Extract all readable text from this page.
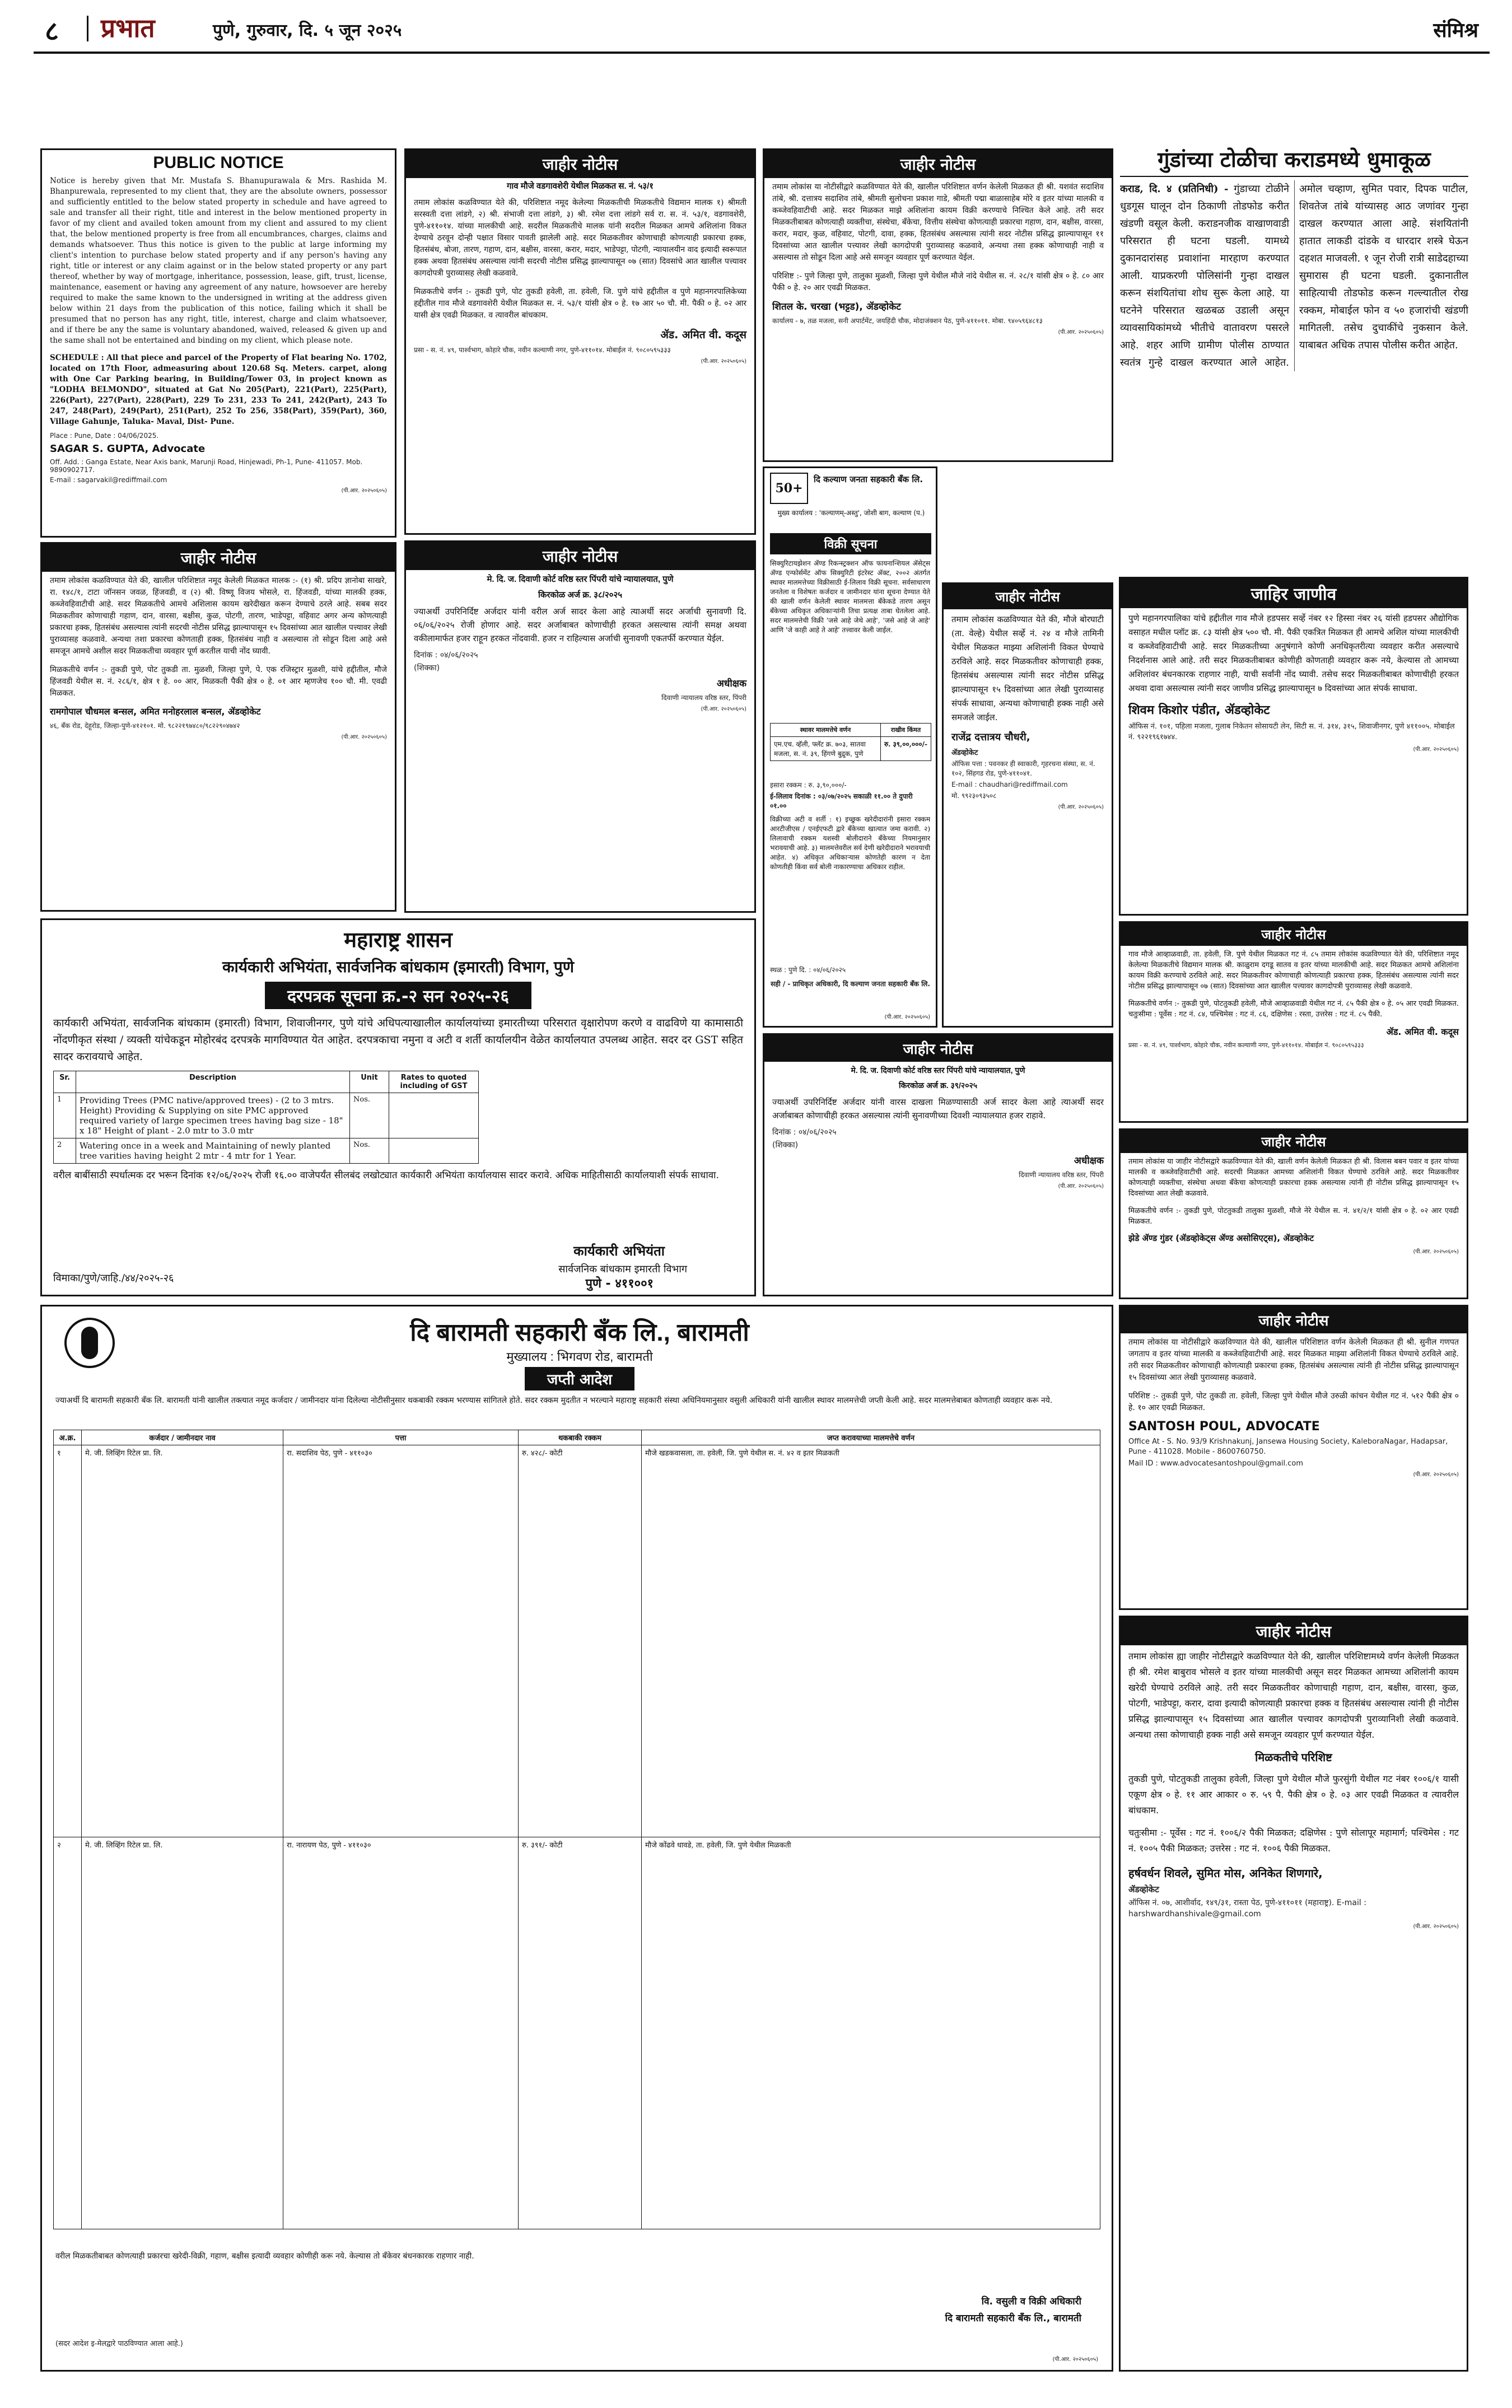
८ प्रभात	पुणे, गुरुवार, दि. ५ जून २०२५	संमिश्र
PUBLIC NOTICE
Notice is hereby given that Mr. Mustafa S. Bhanupurawala & Mrs. Rashida M. Bhanpurewala, represented to my client that, they are the absolute owners, possessor and sufficiently entitled to the below stated property in schedule and have agreed to sale and transfer all their right, title and interest in the below mentioned property in favor of my client and availed token amount from my client and assured to my client that, the below mentioned property is free from all encumbrances, charges, claims and demands whatsoever. Thus this notice is given to the public at large informing my client's intention to purchase below stated property and if any person's having any right, title or interest or any claim against or in the below stated property or any part thereof, whether by way of mortgage, inheritance, possession, lease, gift, trust, license, maintenance, easement or having any agreement of any nature, howsoever are hereby required to make the same known to the undersigned in writing at the address given below within 21 days from the publication of this notice, failing which it shall be presumed that no person has any right, title, interest, charge and claim whatsoever, and if there be any the same is voluntary abandoned, waived, released & given up and the same shall not be entertained and binding on my client, which please note.
SCHEDULE : All that piece and parcel of the Property of Flat bearing No. 1702, located on 17th Floor, admeasuring about 120.68 Sq. Meters. carpet, along with One Car Parking bearing, in Building/Tower 03, in project known as "LODHA BELMONDO", situated at Gat No 205(Part), 221(Part), 225(Part), 226(Part), 227(Part), 228(Part), 229 To 231, 233 To 241, 242(Part), 243 To 247, 248(Part), 249(Part), 251(Part), 252 To 256, 358(Part), 359(Part), 360, Village Gahunje, Taluka- Maval, Dist- Pune.
Place : Pune, Date : 04/06/2025.
SAGAR S. GUPTA, Advocate
Off. Add. : Ganga Estate, Near Axis bank, Marunji Road, Hinjewadi, Ph-1, Pune- 411057. Mob. 9890902717.
E-mail : sagarvakil@rediffmail.com
(पी.आर. २०२५०६०५)
जाहीर नोटीस
तमाम लोकांस कळविण्यात येते की, खालील परिशिष्टात नमूद केलेली मिळकत मालक :- (१) श्री. प्रदिप ज्ञानोबा साखरे, रा. १४८/१, टाटा जॉनसन जवळ, हिंजवडी, व (२) श्री. विष्णू विजय भोसले, रा. हिंजवडी, यांच्या मालकी हक्क, कब्जेवहिवाटीची आहे. सदर मिळकतीचे आमचे अशिलास कायम खरेदीखत करून देण्याचे ठरले आहे. सबब सदर मिळकतीवर कोणाचाही गहाण, दान, वारसा, बक्षीस, कुळ, पोटगी, तारण, भाडेपट्टा, वहिवाट अगर अन्य कोणत्याही प्रकारचा हक्क, हितसंबंध असल्यास त्यांनी सदरची नोटीस प्रसिद्ध झाल्यापासून १५ दिवसांच्या आत खालील पत्त्यावर लेखी पुराव्यासह कळवावे. अन्यथा तशा प्रकारचा कोणताही हक्क, हितसंबंध नाही व असल्यास तो सोडून दिला आहे असे समजून आमचे अशील सदर मिळकतीचा व्यवहार पूर्ण करतील याची नोंद घ्यावी.
मिळकतीचे वर्णन :- तुकडी पुणे, पोट तुकडी ता. मुळशी, जिल्हा पुणे, पे. एक रजिस्ट्रार मुळशी, यांचे हद्दीतील, मौजे हिंजवडी येथील स. नं. २८६/१, क्षेत्र १ हे. ०० आर, मिळकती पैकी क्षेत्र ० हे. ०१ आर म्हणजेच १०० चौ. मी. एवढी मिळकत.
रामगोपाल चौधमल बन्सल, अमित मनोहरलाल बन्सल, ॲडव्होकेट
४६, बँक रोड, देहूरोड, जिल्हा-पुणे-४१२१०१. मो. ९८२२१९७४८०/९८२२९०४७४२
(पी.आर. २०२५०६०५)
जाहीर नोटीस
गाव मौजे वडगावशेरी येथील मिळकत स. नं. ५३/१
तमाम लोकांस कळविण्यात येते की, परिशिष्टात नमूद केलेल्या मिळकतीची मिळकतीचे विद्यमान मालक १) श्रीमती सरस्वती दत्ता लांडगे, २) श्री. संभाजी दत्ता लांडगे, ३) श्री. रमेश दत्ता लांडगे सर्व रा. स. नं. ५३/१, वडगावशेरी, पुणे-४११०१४. यांच्या मालकीची आहे. सदरील मिळकतीचे मालक यांनी सदरील मिळकत आमचे अशिलांना विकत देण्याचे ठरवून दोन्ही पक्षात विसार पावती झालेली आहे. सदर मिळकतीवर कोणाचाही कोणत्याही प्रकारचा हक्क, हितसंबंध, बोजा, तारण, गहाण, दान, बक्षीस, वारसा, करार, मदार, भाडेपट्टा, पोटगी, न्यायालयीन वाद इत्यादी स्वरूपात हक्क अथवा हितसंबंध असल्यास त्यांनी सदरची नोटीस प्रसिद्ध झाल्यापासून ०७ (सात) दिवसांचे आत खालील पत्त्यावर कागदोपत्री पुराव्यासह लेखी कळवावे.
मिळकतीचे वर्णन :- तुकडी पुणे, पोट तुकडी हवेली, ता. हवेली, जि. पुणे यांचे हद्दीतील व पुणे महानगरपालिकेच्या हद्दीतील गाव मौजे वडगावशेरी येथील मिळकत स. नं. ५३/१ यांसी क्षेत्र ० हे. १७ आर ५० चौ. मी. पैकी ० हे. ०२ आर यासी क्षेत्र एवढी मिळकत. व त्यावरील बांधकाम.
ॲड. अमित वी. कदूस
प्रसा - स. नं. ४९, पार्श्वभाग, कोहारे चौक, नवीन कल्याणी नगर, पुणे-४११०१४. मोबाईल नं. ९०८०५९५३३३
(पी.आर. २०२५०६०५)
जाहीर नोटीस
मे. दि. ज. दिवाणी कोर्ट वरिष्ठ स्तर पिंपरी यांचे न्यायालयात, पुणे
किरकोळ अर्ज क्र. ३८/२०२५
ज्याअर्थी उपरिनिर्दिष्ट अर्जदार यांनी वरील अर्ज सादर केला आहे त्याअर्थी सदर अर्जाची सुनावणी दि. ०६/०६/२०२५ रोजी होणार आहे. सदर अर्जाबाबत कोणाचीही हरकत असल्यास त्यांनी समक्ष अथवा वकीलामार्फत हजर राहून हरकत नोंदवावी. हजर न राहिल्यास अर्जाची सुनावणी एकतर्फी करण्यात येईल.
दिनांक : ०४/०६/२०२५
(शिक्का)
अधीक्षक
दिवाणी न्यायालय वरिष्ठ स्तर, पिंपरी
(पी.आर. २०२५०६०५)
जाहीर नोटीस
तमाम लोकांस या नोटीसीद्वारे कळविण्यात येते की, खालील परिशिष्टात वर्णन केलेली मिळकत ही श्री. यशवंत सदाशिव तांबे, श्री. दत्तात्रय सदाशिव तांबे, श्रीमती सुलोचना प्रकाश गाडे, श्रीमती पद्मा बाळासाहेब मोरे व इतर यांच्या मालकी व कब्जेवहिवाटीची आहे. सदर मिळकत माझे अशिलांना कायम विक्री करण्याचे निश्चित केले आहे. तरी सदर मिळकतीबाबत कोणत्याही व्यक्तीचा, संस्थेचा, बँकेचा, वित्तीय संस्थेचा कोणत्याही प्रकारचा गहाण, दान, बक्षीस, वारसा, करार, मदार, कुळ, वहिवाट, पोटगी, दावा, हक्क, हितसंबंध असल्यास त्यांनी सदर नोटीस प्रसिद्ध झाल्यापासून ११ दिवसांच्या आत खालील पत्त्यावर लेखी कागदोपत्री पुराव्यासह कळवावे, अन्यथा तसा हक्क कोणाचाही नाही व असल्यास तो सोडून दिला आहे असे समजून व्यवहार पूर्ण करण्यात येईल.
परिशिष्ट :- पुणे जिल्हा पुणे, तालुका मुळशी, जिल्हा पुणे येथील मौजे नांदे येथील स. नं. २८/१ यांसी क्षेत्र ० हे. ८० आर पैकी ० हे. २० आर एवढी मिळकत.
शितल के. चरखा (भट्टड), ॲडव्होकेट
कार्यालय - ७, तळ मजला, सनी अपार्टमेंट, जयहिंदी चौक, मोदाजंक्शन पेठ, पुणे-४११०११. मोबा. ९४०५९६४८१३
(पी.आर. २०२५०६०५)
50+
दि कल्याण जनता सहकारी बँक लि.
मुख्य कार्यालय : 'कल्याणम्-अस्तु', जोशी बाग, कल्याण (प.)
विक्री सूचना
सिक्युरिटायझेशन ॲण्ड रिकन्स्ट्रक्शन ऑफ फायनान्शियल ॲसेट्स ॲण्ड एन्फोर्समेंट ऑफ सिक्युरिटी इंटरेस्ट ॲक्ट, २००२ अंतर्गत स्थावर मालमत्तेच्या विक्रीसाठी ई-लिलाव विक्री सूचना. सर्वसाधारण जनतेला व विशेषतः कर्जदार व जामीनदार यांना सूचना देण्यात येते की खाली वर्णन केलेली स्थावर मालमत्ता बँकेकडे तारण असून बँकेच्या अधिकृत अधिकाऱ्यांनी तिचा प्रत्यक्ष ताबा घेतलेला आहे. सदर मालमत्तेची विक्री 'जसे आहे जेथे आहे', 'जसे आहे जे आहे' आणि 'जे काही आहे ते आहे' तत्त्वावर केली जाईल.
स्थावर मालमत्तेचे वर्णन	राखीव किंमत
एम.एच. व्हॅली, फ्लॅट क्र. ७०३, सातवा मजला, स. नं. ३९, हिंगणे बुद्रुक, पुणे	रु. ३९,००,०००/-
इसारा रक्कम : रु. ३,९०,०००/-
ई-लिलाव दिनांक : ०३/०७/२०२५ सकाळी ११.०० ते दुपारी ०१.००
विक्रीच्या अटी व शर्ती : १) इच्छुक खरेदीदारांनी इसारा रक्कम आरटीजीएस / एनईएफटी द्वारे बँकेच्या खात्यात जमा करावी. २) लिलावाची रक्कम यशस्वी बोलीदाराने बँकेच्या नियमानुसार भरावयाची आहे. ३) मालमत्तेवरील सर्व देणी खरेदीदाराने भरावयाची आहेत. ४) अधिकृत अधिकाऱ्यास कोणतेही कारण न देता कोणतीही किंवा सर्व बोली नाकारण्याचा अधिकार राहील.
स्थळ : पुणे दि. : ०४/०६/२०२५
सही / - प्राधिकृत अधिकारी, दि कल्याण जनता सहकारी बँक लि.
(पी.आर. २०२५०६०५)
जाहीर नोटीस
तमाम लोकांस कळविण्यात येते की, मौजे बोरघाटी (ता. वेल्हे) येथील सर्व्हे नं. २४ व मौजे तामिनी येथील मिळकत माझ्या अशिलांनी विकत घेण्याचे ठरविले आहे. सदर मिळकतीवर कोणाचाही हक्क, हितसंबंध असल्यास त्यांनी सदर नोटीस प्रसिद्ध झाल्यापासून १५ दिवसांच्या आत लेखी पुराव्यासह संपर्क साधावा, अन्यथा कोणाचाही हक्क नाही असे समजले जाईल.
राजेंद्र दत्तात्रय चौधरी,
ॲडव्होकेट
ऑफिस पत्ता : पवनकर ही स्वाकारी, गृहरचना संस्था, स. नं. १०२, सिंहगड रोड, पुणे-४११०४१.
E-mail : chaudhari@rediffmail.com
मो. ९९२३०९३५०८
(पी.आर. २०२५०६०५)
महाराष्ट्र शासन
कार्यकारी अभियंता, सार्वजनिक बांधकाम (इमारती) विभाग, पुणे
दरपत्रक सूचना क्र.-२ सन २०२५-२६
कार्यकारी अभियंता, सार्वजनिक बांधकाम (इमारती) विभाग, शिवाजीनगर, पुणे यांचे अधिपत्याखालील कार्यालयांच्या इमारतीच्या परिसरात वृक्षारोपण करणे व वाढविणे या कामासाठी नोंदणीकृत संस्था / व्यक्ती यांचेकडून मोहोरबंद दरपत्रके मागविण्यात येत आहेत. दरपत्रकाचा नमुना व अटी व शर्ती कार्यालयीन वेळेत कार्यालयात उपलब्ध आहेत. सदर दर GST सहित सादर करावयाचे आहेत.
Sr.	Description	Unit	Rates to quoted including of GST
1	Providing Trees (PMC native/approved trees) - (2 to 3 mtrs. Height) Providing & Supplying on site PMC approved required variety of large specimen trees having bag size - 18" x 18" Height of plant - 2.0 mtr to 3.0 mtr	Nos.	
2	Watering once in a week and Maintaining of newly planted tree varities having height 2 mtr - 4 mtr for 1 Year.	Nos.	
वरील बाबींसाठी स्पर्धात्मक दर भरून दिनांक १२/०६/२०२५ रोजी १६.०० वाजेपर्यंत सीलबंद लखोट्यात कार्यकारी अभियंता कार्यालयास सादर करावे. अधिक माहितीसाठी कार्यालयाशी संपर्क साधावा.
विमाका/पुणे/जाहि./४४/२०२५-२६
कार्यकारी अभियंता
सार्वजनिक बांधकाम इमारती विभाग
पुणे - ४११००१
जाहीर नोटीस
मे. दि. ज. दिवाणी कोर्ट वरिष्ठ स्तर पिंपरी यांचे न्यायालयात, पुणे
किरकोळ अर्ज क्र. ३९/२०२५
ज्याअर्थी उपरिनिर्दिष्ट अर्जदार यांनी वारस दाखला मिळण्यासाठी अर्ज सादर केला आहे त्याअर्थी सदर अर्जाबाबत कोणाचीही हरकत असल्यास त्यांनी सुनावणीच्या दिवशी न्यायालयात हजर राहावे.
दिनांक : ०४/०६/२०२५
(शिक्का)
अधीक्षक
दिवाणी न्यायालय वरिष्ठ स्तर, पिंपरी
(पी.आर. २०२५०६०५)
दि बारामती सहकारी बँक लि., बारामती
मुख्यालय : भिगवण रोड, बारामती
जप्ती आदेश
ज्याअर्थी दि बारामती सहकारी बँक लि. बारामती यांनी खालील तक्त्यात नमूद कर्जदार / जामीनदार यांना दिलेल्या नोटीसीनुसार थकबाकी रक्कम भरण्यास सांगितले होते. सदर रक्कम मुदतीत न भरल्याने महाराष्ट्र सहकारी संस्था अधिनियमानुसार वसुली अधिकारी यांनी खालील स्थावर मालमत्तेची जप्ती केली आहे. सदर मालमत्तेबाबत कोणताही व्यवहार करू नये.
अ.क्र.	कर्जदार / जामीनदार नाव	पत्ता	थकबाकी रक्कम	जप्त करावयाच्या मालमत्तेचे वर्णन
१	मे. जी. लिव्हिंग रिटेल प्रा. लि.	रा. सदाशिव पेठ, पुणे - ४११०३०	रु. ४२८/- कोटी	मौजे खडकवासला, ता. हवेली, जि. पुणे येथील स. नं. ४२ व इतर मिळकती
२	मे. जी. लिव्हिंग रिटेल प्रा. लि.	रा. नारायण पेठ, पुणे - ४११०३०	रु. ३९१/- कोटी	मौजे कोंढवे धावडे, ता. हवेली, जि. पुणे येथील मिळकती
वरील मिळकतीबाबत कोणत्याही प्रकारचा खरेदी-विक्री, गहाण, बक्षीस इत्यादी व्यवहार कोणीही करू नये. केल्यास तो बँकेवर बंधनकारक राहणार नाही.
वि. वसुली व विक्री अधिकारी
दि बारामती सहकारी बँक लि., बारामती
(सदर आदेश इ-मेलद्वारे पाठविण्यात आला आहे.)
(पी.आर. २०२५०६०५)
जाहीर नोटीस
तमाम लोकांस या नोटीसीद्वारे कळविण्यात येते की, खालील परिशिष्टात वर्णन केलेली मिळकत ही श्री. सुनील गणपत जगताप व इतर यांच्या मालकी व कब्जेवहिवाटीची आहे. सदर मिळकत माझ्या अशिलांनी विकत घेण्याचे ठरविले आहे. तरी सदर मिळकतीवर कोणाचाही कोणत्याही प्रकारचा हक्क, हितसंबंध असल्यास त्यांनी ही नोटीस प्रसिद्ध झाल्यापासून १५ दिवसांच्या आत लेखी पुराव्यासह कळवावे.
परिशिष्ट :- तुकडी पुणे, पोट तुकडी ता. हवेली, जिल्हा पुणे येथील मौजे उरुळी कांचन येथील गट नं. ५१२ पैकी क्षेत्र ० हे. १० आर एवढी मिळकत.
SANTOSH POUL, ADVOCATE
Office At - S. No. 93/9 Krishnakunj, Jansewa Housing Society, KaleboraNagar, Hadapsar, Pune - 411028. Mobile - 8600760750.
Mail ID : www.advocatesantoshpoul@gmail.com
(पी.आर. २०२५०६०५)
जाहीर नोटीस
तमाम लोकांस ह्या जाहीर नोटीसद्वारे कळविण्यात येते की, खालील परिशिष्टामध्ये वर्णन केलेली मिळकत ही श्री. रमेश बाबुराव भोसले व इतर यांच्या मालकीची असून सदर मिळकत आमच्या अशिलांनी कायम खरेदी घेण्याचे ठरविले आहे. तरी सदर मिळकतीवर कोणाचाही गहाण, दान, बक्षीस, वारसा, कुळ, पोटगी, भाडेपट्टा, करार, दावा इत्यादी कोणत्याही प्रकारचा हक्क व हितसंबंध असल्यास त्यांनी ही नोटीस प्रसिद्ध झाल्यापासून १५ दिवसांच्या आत खालील पत्त्यावर कागदोपत्री पुराव्यानिशी लेखी कळवावे. अन्यथा तसा कोणाचाही हक्क नाही असे समजून व्यवहार पूर्ण करण्यात येईल.
मिळकतीचे परिशिष्ट
तुकडी पुणे, पोटतुकडी तालुका हवेली, जिल्हा पुणे येथील मौजे फुरसुंगी येथील गट नंबर १००६/१ यासी एकूण क्षेत्र ० हे. ११ आर आकार ० रु. ५९ पै. पैकी क्षेत्र ० हे. ०३ आर एवढी मिळकत व त्यावरील बांधकाम.
चतुःसीमा :- पूर्वेस : गट नं. १००६/२ पैकी मिळकत; दक्षिणेस : पुणे सोलापूर महामार्ग; पश्चिमेस : गट नं. १००५ पैकी मिळकत; उत्तरेस : गट नं. १००६ पैकी मिळकत.
हर्षवर्धन शिवले, सुमित मोस, अनिकेत शिणगारे,
ॲडव्होकेट
ऑफिस नं. ०७, आशीर्वाद, १४९/३१, रास्ता पेठ, पुणे-४११०११ (महाराष्ट्र). E-mail : harshwardhanshivale@gmail.com
(पी.आर. २०२५०६०५)
गुंडांच्या टोळीचा कराडमध्ये धुमाकूळ
कराड, दि. ४ (प्रतिनिधी) - गुंडाच्या टोळीने धुडगूस घालून दोन ठिकाणी तोडफोड करीत खंडणी वसूल केली. कराडनजीक वाखाणवाडी परिसरात ही घटना घडली. यामध्ये दुकानदारांसह प्रवाशांना मारहाण करण्यात आली. याप्रकरणी पोलिसांनी गुन्हा दाखल करून संशयितांचा शोध सुरू केला आहे. या घटनेने परिसरात खळबळ उडाली असून व्यावसायिकांमध्ये भीतीचे वातावरण पसरले आहे. शहर आणि ग्रामीण पोलीस ठाण्यात स्वतंत्र गुन्हे दाखल करण्यात आले आहेत. अमोल चव्हाण, सुमित पवार, दिपक पाटील, शिवतेज तांबे यांच्यासह आठ जणांवर गुन्हा दाखल करण्यात आला आहे. संशयितांनी हातात लाकडी दांडके व धारदार शस्त्रे घेऊन दहशत माजवली. १ जून रोजी रात्री साडेदहाच्या सुमारास ही घटना घडली. दुकानातील साहित्याची तोडफोड करून गल्ल्यातील रोख रक्कम, मोबाईल फोन व ५० हजारांची खंडणी मागितली. तसेच दुचाकींचे नुकसान केले. याबाबत अधिक तपास पोलीस करीत आहेत.
जाहिर जाणीव
पुणे महानगरपालिका यांचे हद्दीतील गाव मौजे हडपसर सर्व्हे नंबर १२ हिस्सा नंबर २६ यांसी हडपसर औद्योगिक वसाहत मधील प्लॉट क्र. ८३ यांसी क्षेत्र ५०० चौ. मी. पैकी एकत्रित मिळकत ही आमचे अशिल यांच्या मालकीची व कब्जेवहिवाटीची आहे. सदर मिळकतीच्या अनुषंगाने कोणी अनधिकृतरीत्या व्यवहार करीत असल्याचे निदर्शनास आले आहे. तरी सदर मिळकतीबाबत कोणीही कोणताही व्यवहार करू नये, केल्यास तो आमच्या अशिलांवर बंधनकारक राहणार नाही, याची सर्वांनी नोंद घ्यावी. तसेच सदर मिळकतीबाबत कोणाचीही हरकत अथवा दावा असल्यास त्यांनी सदर जाणीव प्रसिद्ध झाल्यापासून ७ दिवसांच्या आत संपर्क साधावा.
शिवम किशोर पंडीत, ॲडव्होकेट
ऑफिस नं. १०१, पहिला मजला, गुलाब निकेतन सोसायटी लेन, सिटी स. नं. ३१४, ३१५, शिवाजीनगर, पुणे ४११००५. मोबाईल नं. ९२२१९६१७४४.
(पी.आर. २०२५०६०५)
जाहीर नोटीस
गाव मौजे आव्हाळवाडी, ता. हवेली, जि. पुणे येथील मिळकत गट नं. ८५ तमाम लोकांस कळविण्यात येते की, परिशिष्टात नमूद केलेल्या मिळकतीचे विद्यमान मालक श्री. काळुराम दगडू सातव व इतर यांच्या मालकीची आहे. सदर मिळकत आमचे अशिलांना कायम विक्री करण्याचे ठरविले आहे. सदर मिळकतीवर कोणाचाही कोणत्याही प्रकारचा हक्क, हितसंबंध असल्यास त्यांनी सदर नोटीस प्रसिद्ध झाल्यापासून ०७ (सात) दिवसांच्या आत खालील पत्त्यावर कागदोपत्री पुराव्यासह लेखी कळवावे.
मिळकतीचे वर्णन :- तुकडी पुणे, पोटतुकडी हवेली, मौजे आव्हाळवाडी येथील गट नं. ८५ पैकी क्षेत्र ० हे. ०५ आर एवढी मिळकत. चतुःसीमा : पूर्वेस : गट नं. ८४, पश्चिमेस : गट नं. ८६, दक्षिणेस : रस्ता, उत्तरेस : गट नं. ८५ पैकी.
ॲड. अमित वी. कदूस
प्रसा - स. नं. ४९, पार्श्वभाग, कोहारे चौक, नवीन कल्याणी नगर, पुणे-४११०१४. मोबाईल नं. ९०८०५९५३३३
जाहीर नोटीस
तमाम लोकांस या जाहीर नोटीसद्वारे कळविण्यात येते की, खाली वर्णन केलेली मिळकत ही श्री. विलास बबन पवार व इतर यांच्या मालकी व कब्जेवहिवाटीची आहे. सदरची मिळकत आमच्या अशिलांनी विकत घेण्याचे ठरविले आहे. सदर मिळकतीवर कोणत्याही व्यक्तीचा, संस्थेचा अथवा बँकेचा कोणत्याही प्रकारचा हक्क असल्यास त्यांनी ही नोटीस प्रसिद्ध झाल्यापासून १५ दिवसांच्या आत लेखी कळवावे.
मिळकतीचे वर्णन :- तुकडी पुणे, पोटतुकडी तालुका मुळशी, मौजे नेरे येथील स. नं. ४१/२/१ यांसी क्षेत्र ० हे. ०२ आर एवढी मिळकत.
झेडे ॲण्ड गुंडर (ॲडव्होकेट्स ॲण्ड असोसिएट्स), ॲडव्होकेट
(पी.आर. २०२५०६०५)
